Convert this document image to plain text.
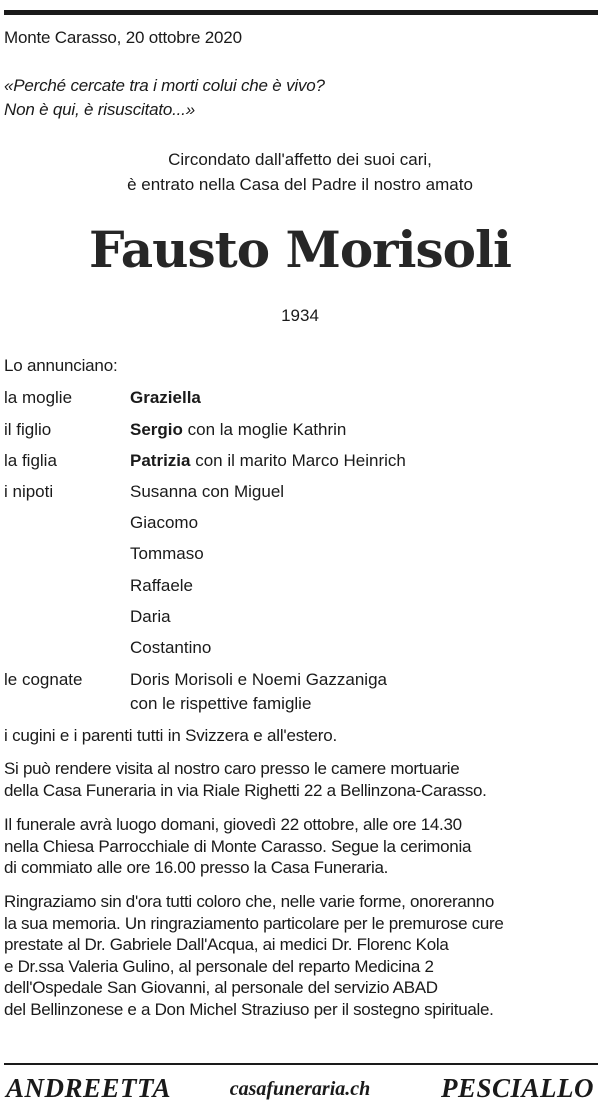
Monte Carasso, 20 ottobre 2020
«Perché cercate tra i morti colui che è vivo?
Non è qui, è risuscitato...»
Circondato dall'affetto dei suoi cari,
è entrato nella Casa del Padre il nostro amato
Fausto Morisoli
1934
Lo annunciano:
la moglie	Graziella
il figlio	Sergio con la moglie Kathrin
la figlia	Patrizia con il marito Marco Heinrich
i nipoti	Susanna con Miguel
Giacomo
Tommaso
Raffaele
Daria
Costantino
le cognate	Doris Morisoli e Noemi Gazzaniga
con le rispettive famiglie
i cugini e i parenti tutti in Svizzera e all'estero.
Si può rendere visita al nostro caro presso le camere mortuarie
della Casa Funeraria in via Riale Righetti 22 a Bellinzona-Carasso.
Il funerale avrà luogo domani, giovedì 22 ottobre, alle ore 14.30
nella Chiesa Parrocchiale di Monte Carasso. Segue la cerimonia
di commiato alle ore 16.00 presso la Casa Funeraria.
Ringraziamo sin d'ora tutti coloro che, nelle varie forme, onoreranno
la sua memoria. Un ringraziamento particolare per le premurose cure
prestate al Dr. Gabriele Dall'Acqua, ai medici Dr. Florenc Kola
e Dr.ssa Valeria Gulino, al personale del reparto Medicina 2
dell'Ospedale San Giovanni, al personale del servizio ABAD
del Bellinzonese e a Don Michel Straziuso per il sostegno spirituale.
ANDREETTA	casafuneraria.ch	PESCIALLO
